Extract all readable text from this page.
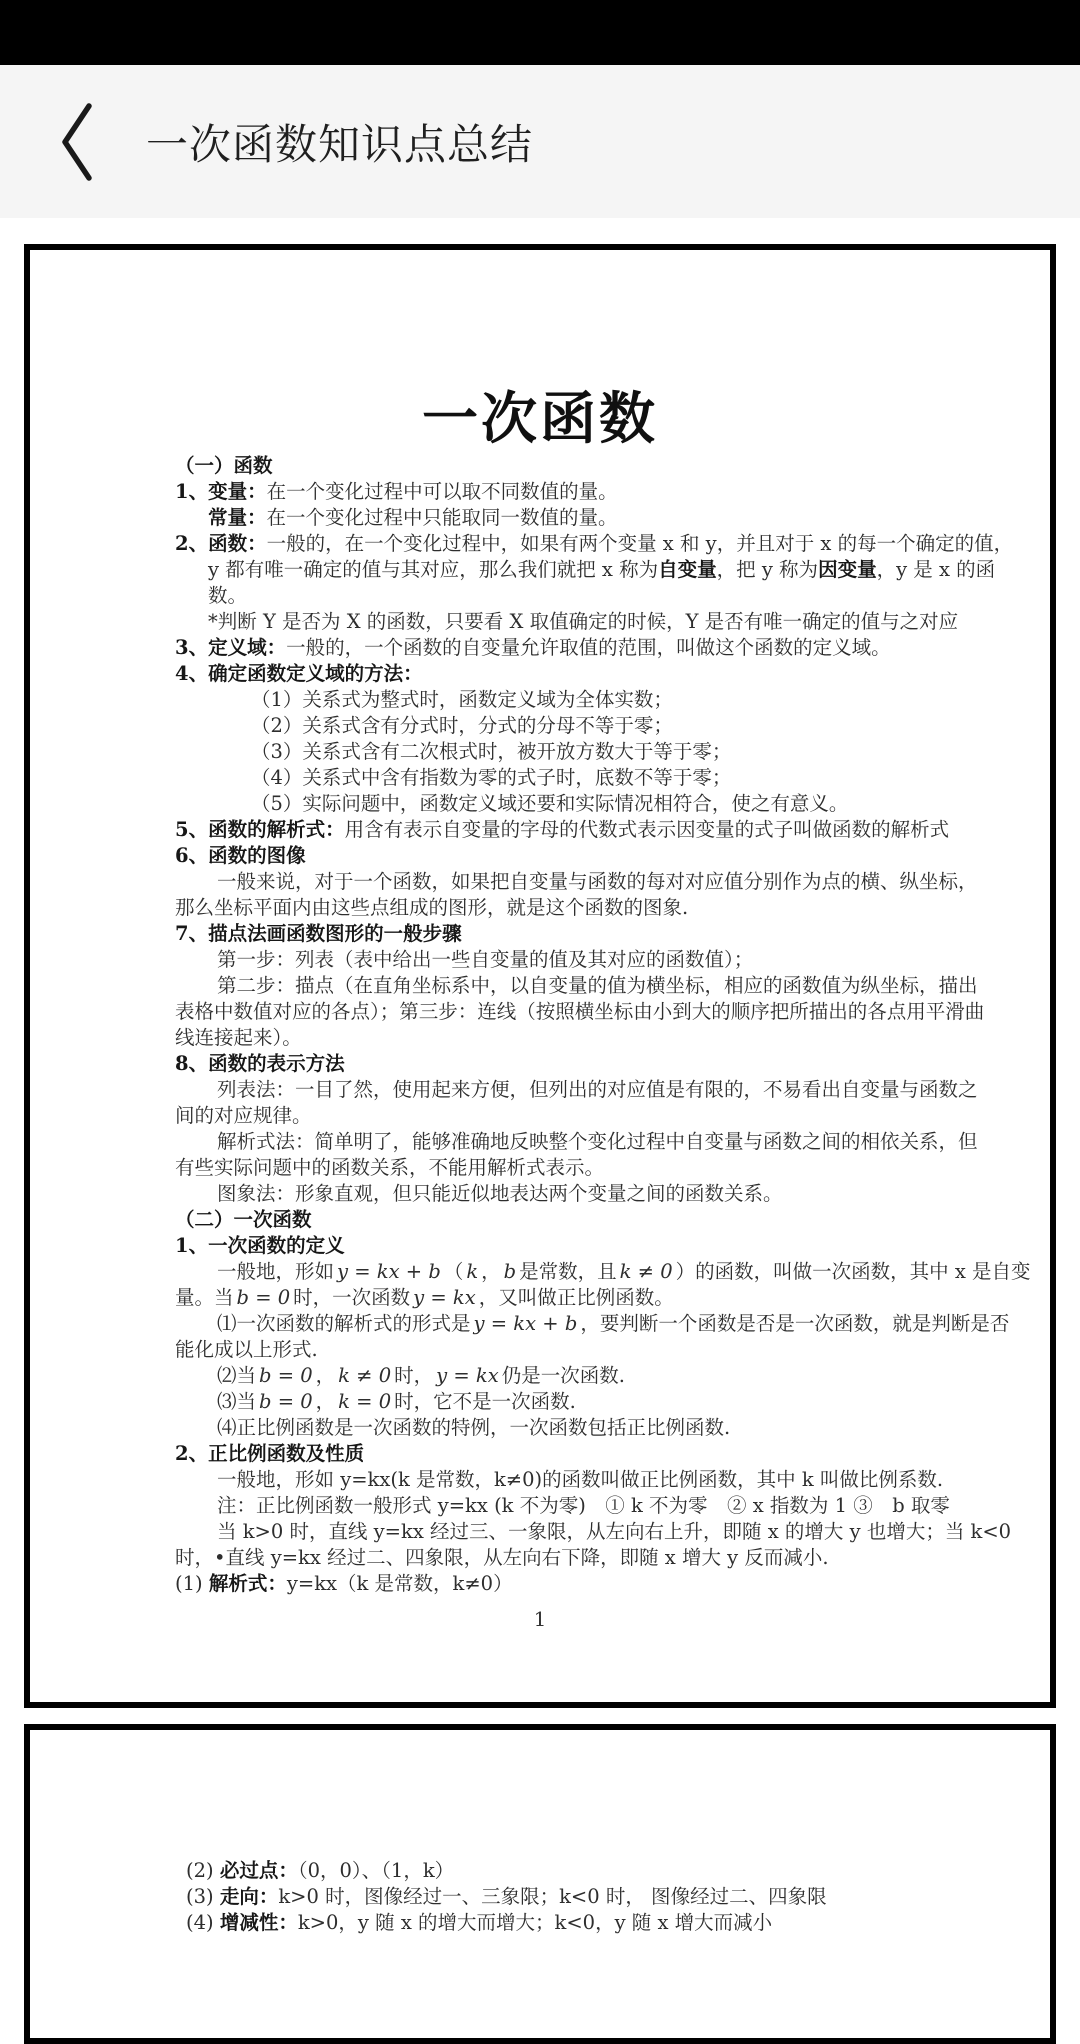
一次函数知识点总结
一次函数
（一）函数
1、变量：在一个变化过程中可以取不同数值的量。
常量：在一个变化过程中只能取同一数值的量。
2、函数：一般的，在一个变化过程中，如果有两个变量 x 和 y，并且对于 x 的每一个确定的值，
y 都有唯一确定的值与其对应，那么我们就把 x 称为自变量，把 y 称为因变量，y 是 x 的函
数。
*判断 Y 是否为 X 的函数，只要看 X 取值确定的时候，Y 是否有唯一确定的值与之对应
3、定义域：一般的，一个函数的自变量允许取值的范围，叫做这个函数的定义域。
4、确定函数定义域的方法：
（1）关系式为整式时，函数定义域为全体实数；
（2）关系式含有分式时，分式的分母不等于零；
（3）关系式含有二次根式时，被开放方数大于等于零；
（4）关系式中含有指数为零的式子时，底数不等于零；
（5）实际问题中，函数定义域还要和实际情况相符合，使之有意义。
5、函数的解析式：用含有表示自变量的字母的代数式表示因变量的式子叫做函数的解析式
6、函数的图像
一般来说，对于一个函数，如果把自变量与函数的每对对应值分别作为点的横、纵坐标，
那么坐标平面内由这些点组成的图形，就是这个函数的图象.
7、描点法画函数图形的一般步骤
第一步：列表（表中给出一些自变量的值及其对应的函数值）；
第二步：描点（在直角坐标系中，以自变量的值为横坐标，相应的函数值为纵坐标，描出
表格中数值对应的各点）；第三步：连线（按照横坐标由小到大的顺序把所描出的各点用平滑曲
线连接起来）。
8、函数的表示方法
列表法：一目了然，使用起来方便，但列出的对应值是有限的，不易看出自变量与函数之
间的对应规律。
解析式法：简单明了，能够准确地反映整个变化过程中自变量与函数之间的相依关系，但
有些实际问题中的函数关系，不能用解析式表示。
图象法：形象直观，但只能近似地表达两个变量之间的函数关系。
（二）一次函数
1、一次函数的定义
一般地，形如 y = kx + b （ k ， b 是常数，且 k ≠ 0 ）的函数，叫做一次函数，其中 x 是自变
量。当 b = 0 时，一次函数 y = kx ，又叫做正比例函数。
⑴一次函数的解析式的形式是 y = kx + b ，要判断一个函数是否是一次函数，就是判断是否
能化成以上形式.
⑵当 b = 0 ， k ≠ 0 时， y = kx 仍是一次函数.
⑶当 b = 0 ， k = 0 时，它不是一次函数.
⑷正比例函数是一次函数的特例，一次函数包括正比例函数.
2、正比例函数及性质
一般地，形如 y=kx(k 是常数，k≠0)的函数叫做正比例函数，其中 k 叫做比例系数.
注：正比例函数一般形式 y=kx (k 不为零)　① k 不为零　② x 指数为 1 ③　b 取零
当 k>0 时，直线 y=kx 经过三、一象限，从左向右上升，即随 x 的增大 y 也增大；当 k<0
时，•直线 y=kx 经过二、四象限，从左向右下降，即随 x 增大 y 反而减小.
(1) 解析式：y=kx（k 是常数，k≠0）
1
(2) 必过点：（0，0）、（1，k）
(3) 走向：k>0 时，图像经过一、三象限；k<0 时， 图像经过二、四象限
(4) 增减性：k>0，y 随 x 的增大而增大；k<0，y 随 x 增大而减小
